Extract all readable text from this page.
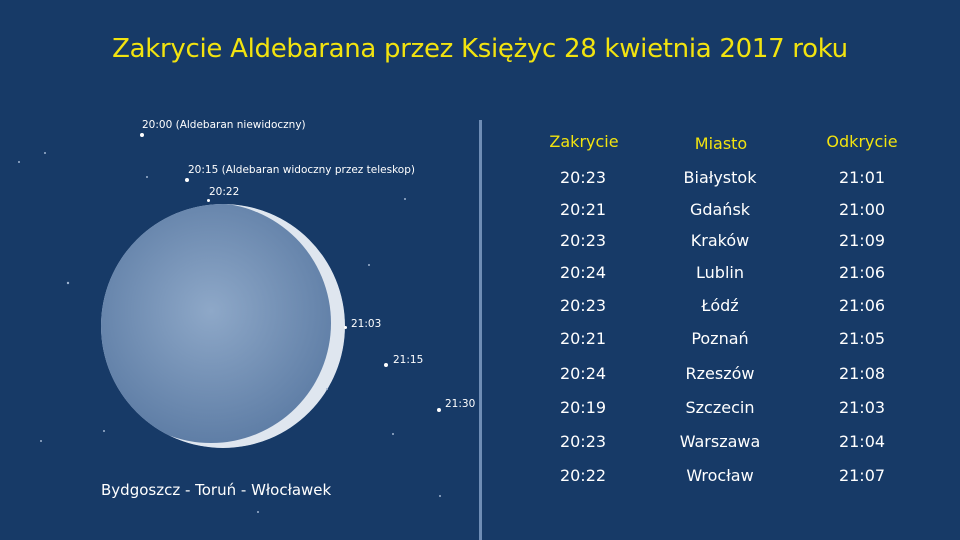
Zakrycie Aldebarana przez Księżyc 28 kwietnia 2017 roku
20:00 (Aldebaran niewidoczny)
20:15 (Aldebaran widoczny przez teleskop)
20:22
21:03
21:15
21:30
Bydgoszcz - Toruń - Włocławek
Zakrycie	Miasto	Odkrycie
20:23	Białystok	21:01
20:21	Gdańsk	21:00
20:23	Kraków	21:09
20:24	Lublin	21:06
20:23	Łódź	21:06
20:21	Poznań	21:05
20:24	Rzeszów	21:08
20:19	Szczecin	21:03
20:23	Warszawa	21:04
20:22	Wrocław	21:07
